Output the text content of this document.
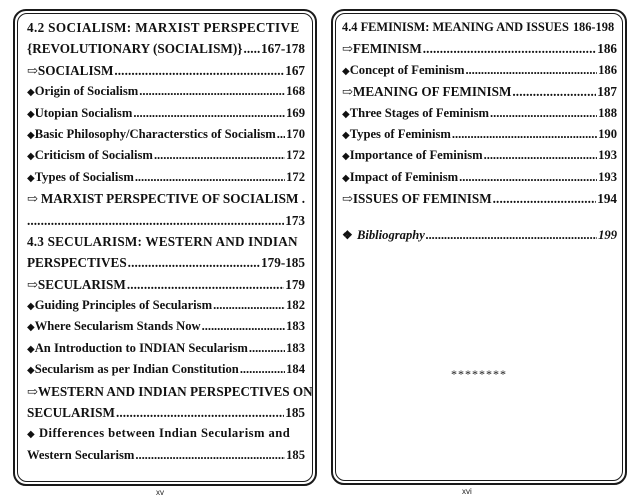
4.2 SOCIALISM: MARXIST PERSPECTIVE
{REVOLUTIONARY (SOCIALISM)} . . . 167-178
⇨ SOCIALISM . . .	167
◆ Origin of Socialism . . .	168
◆ Utopian Socialism . . .	169
◆ Basic Philosophy/Characterstics of Socialism . . . 170
◆ Criticism of Socialism . . .	172
◆ Types of Socialism . . .	172
⇨ MARXIST PERSPECTIVE OF SOCIALISM .
. . .
173
4.3 SECULARISM: WESTERN AND INDIAN
PERSPECTIVES . . .	179-185
⇨ SECULARISM . . .	179
◆ Guiding Principles of Secularism . . .	182
◆ Where Secularism Stands Now . . .	183
◆ An Introduction to INDIAN Secularism . . .	183
◆ Secularism as per Indian Constitution . . .	184
⇨ WESTERN AND INDIAN PERSPECTIVES ON
SECULARISM . . .	185
◆ Differences between Indian Secularism and
Western Secularism . . .	185
4.4 FEMINISM: MEANING AND ISSUES 186-198
⇨ FEMINISM . . .	186
◆ Concept of Feminism . . .	186
⇨ MEANING OF FEMINISM . . .	187
◆ Three Stages of Feminism . . .	188
◆ Types of Feminism . . .	190
◆ Importance of Feminism . . .	193
◆ Impact of Feminism . . .	193
⇨ ISSUES OF FEMINISM . . .	194
❖ Bibliography . . .	199
********
xv	xvi
